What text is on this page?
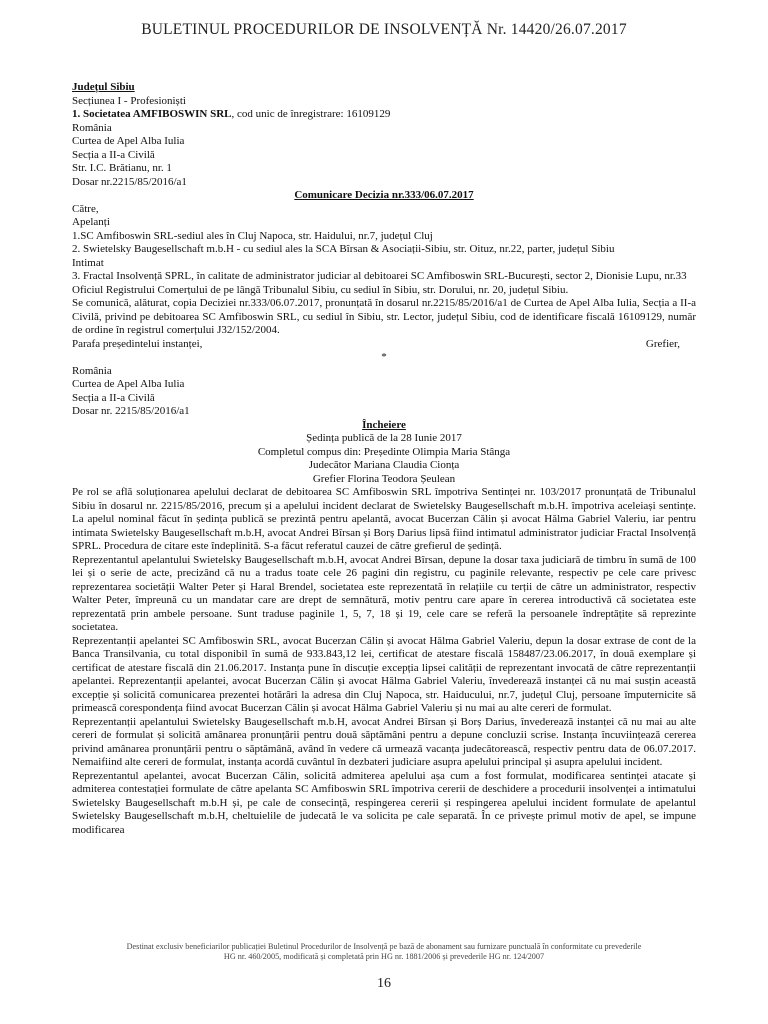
BULETINUL PROCEDURILOR DE INSOLVENȚĂ Nr. 14420/26.07.2017
Județul Sibiu
Secțiunea I - Profesioniști
1. Societatea AMFIBOSWIN SRL, cod unic de înregistrare: 16109129
România
Curtea de Apel Alba Iulia
Secția a II-a Civilă
Str. I.C. Brătianu, nr. 1
Dosar nr.2215/85/2016/a1
Comunicare Decizia nr.333/06.07.2017
Către,
Apelanți
1.SC Amfiboswin SRL-sediul ales în Cluj Napoca, str. Haidului, nr.7, județul Cluj
2. Swietelsky Baugesellschaft m.b.H - cu sediul ales la SCA Bîrsan & Asociații-Sibiu, str. Oituz, nr.22, parter, județul Sibiu
Intimat
3. Fractal Insolvență SPRL, în calitate de administrator judiciar al debitoarei SC Amfiboswin SRL-București, sector 2, Dionisie Lupu, nr.33
Oficiul Registrului Comerțului de pe lângă Tribunalul Sibiu, cu sediul în Sibiu, str. Dorului, nr. 20, județul Sibiu.
Se comunică, alăturat, copia Deciziei nr.333/06.07.2017, pronunțată în dosarul nr.2215/85/2016/a1 de Curtea de Apel Alba Iulia, Secția a II-a Civilă, privind pe debitoarea SC Amfiboswin SRL, cu sediul în Sibiu, str. Lector, județul Sibiu, cod de identificare fiscală 16109129, număr de ordine în registrul comerțului J32/152/2004.
Parafa președintelui instanței,	Grefier,
*
România
Curtea de Apel Alba Iulia
Secția a II-a Civilă
Dosar nr. 2215/85/2016/a1
Încheiere
Ședința publică de la 28 Iunie 2017
Completul compus din: Președinte Olimpia Maria Stânga
Judecător Mariana Claudia Cionța
Grefier Florina Teodora Șeulean
Pe rol se află soluționarea apelului declarat de debitoarea SC Amfiboswin SRL împotriva Sentinței nr. 103/2017 pronunțată de Tribunalul Sibiu în dosarul nr. 2215/85/2016, precum și a apelului incident declarat de Swietelsky Baugesellschaft m.b.H. împotriva aceleiași sentințe. La apelul nominal făcut în ședința publică se prezintă pentru apelantă, avocat Bucerzan Călin și avocat Hălma Gabriel Valeriu, iar pentru intimata Swietelsky Baugesellschaft m.b.H, avocat Andrei Bîrsan și Borș Darius lipsă fiind intimatul administrator judiciar Fractal Insolvență SPRL. Procedura de citare este îndeplinită. S-a făcut referatul cauzei de către grefierul de ședință.
Reprezentantul apelantului Swietelsky Baugesellschaft m.b.H, avocat Andrei Bîrsan, depune la dosar taxa judiciară de timbru în sumă de 100 lei și o serie de acte, precizând că nu a tradus toate cele 26 pagini din registru, cu paginile relevante, respectiv pe cele care privesc reprezentarea societății Walter Peter și Haral Brendel, societatea este reprezentată în relațiile cu terții de către un administrator, respectiv Walter Peter, împreună cu un mandatar care are drept de semnătură, motiv pentru care apare în cererea introductivă că societatea este reprezentată prin ambele persoane. Sunt traduse paginile 1, 5, 7, 18 și 19, cele care se referă la persoanele îndreptățite să reprezinte societatea.
Reprezentanții apelantei SC Amfiboswin SRL, avocat Bucerzan Călin și avocat Hălma Gabriel Valeriu, depun la dosar extrase de cont de la Banca Transilvania, cu total disponibil în sumă de 933.843,12 lei, certificat de atestare fiscală 158487/23.06.2017, în două exemplare și certificat de atestare fiscală din 21.06.2017. Instanța pune în discuție excepția lipsei calității de reprezentant invocată de către reprezentanții apelantei. Reprezentanții apelantei, avocat Bucerzan Călin și avocat Hălma Gabriel Valeriu, învederează instanței că nu mai susțin această excepție și solicită comunicarea prezentei hotărâri la adresa din Cluj Napoca, str. Haiducului, nr.7, județul Cluj, persoane împuternicite să primească corespondența fiind avocat Bucerzan Călin și avocat Hălma Gabriel Valeriu și nu mai au alte cereri de formulat.
Reprezentanții apelantului Swietelsky Baugesellschaft m.b.H, avocat Andrei Bîrsan și Borș Darius, învederează instanței că nu mai au alte cereri de formulat și solicită amânarea pronunțării pentru două săptămâni pentru a depune concluzii scrise. Instanța încuviințează cererea privind amânarea pronunțării pentru o săptămână, având în vedere că urmează vacanța judecătorească, respectiv pentru data de 06.07.2017. Nemaifiind alte cereri de formulat, instanța acordă cuvântul în dezbateri judiciare asupra apelului principal și asupra apelului incident.
Reprezentantul apelantei, avocat Bucerzan Călin, solicită admiterea apelului așa cum a fost formulat, modificarea sentinței atacate și admiterea contestației formulate de către apelanta SC Amfiboswin SRL împotriva cererii de deschidere a procedurii insolvenței a intimatului Swietelsky Baugesellschaft m.b.H și, pe cale de consecință, respingerea cererii și respingerea apelului incident formulate de apelantul Swietelsky Baugesellschaft m.b.H, cheltuielile de judecată le va solicita pe cale separată. În ce privește primul motiv de apel, se impune modificarea
Destinat exclusiv beneficiarilor publicației Buletinul Procedurilor de Insolvență pe bază de abonament sau furnizare punctuală în conformitate cu prevederile
HG nr. 460/2005, modificată și completată prin HG nr. 1881/2006 și prevederile HG nr. 124/2007
16
